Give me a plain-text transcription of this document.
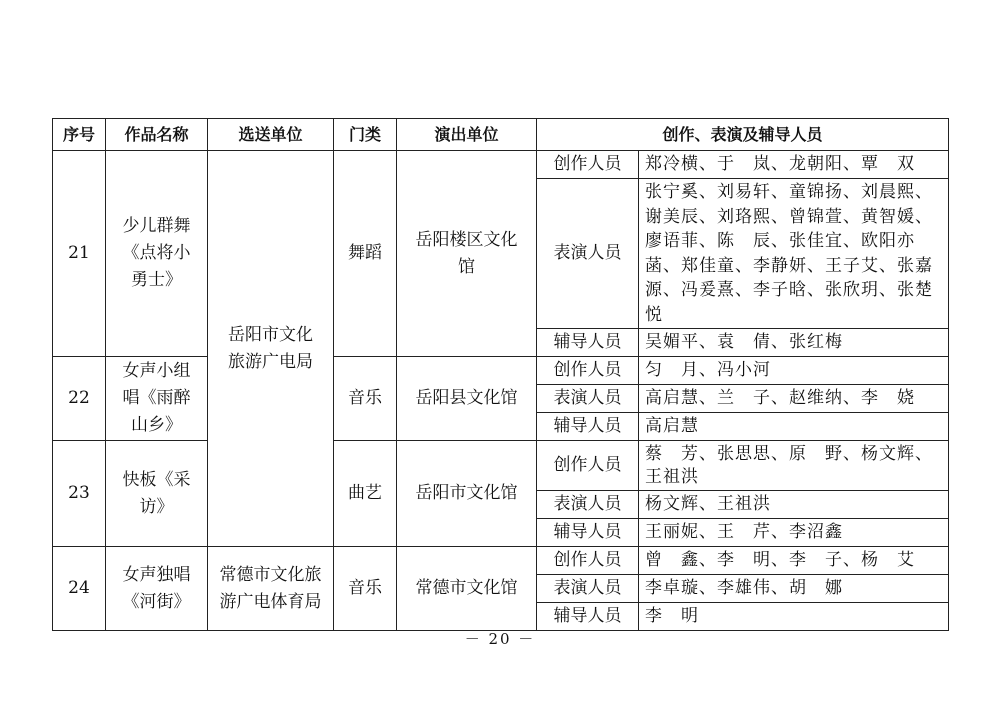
序号	作品名称	选送单位	门类	演出单位	创作、表演及辅导人员	
21	少儿群舞《点将小勇士》	岳阳市文化旅游广电局	舞蹈	岳阳楼区文化馆	创作人员	郑冷横、于　岚、龙朝阳、覃　双
					表演人员	张宁奚、刘易轩、童锦扬、刘晨熙、谢美辰、刘珞熙、曾锦萱、黄智媛、廖语菲、陈　辰、张佳宜、欧阳亦菡、郑佳童、李静妍、王子艾、张嘉源、冯爰熹、李子晗、张欣玥、张楚悦
					辅导人员	吴媚平、袁　倩、张红梅
22	女声小组唱《雨醉山乡》		音乐	岳阳县文化馆	创作人员	匀　月、冯小河
					表演人员	高启慧、兰　子、赵维纳、李　娆
					辅导人员	高启慧
23	快板《采访》		曲艺	岳阳市文化馆	创作人员	蔡　芳、张思思、原　野、杨文辉、王祖洪
					表演人员	杨文辉、王祖洪
					辅导人员	王丽妮、王　芹、李沼鑫
24	女声独唱《河街》	常德市文化旅游广电体育局	音乐	常德市文化馆	创作人员	曾　鑫、李　明、李　子、杨　艾
					表演人员	李卓璇、李雄伟、胡　娜
					辅导人员	李　明
－ 20 －
